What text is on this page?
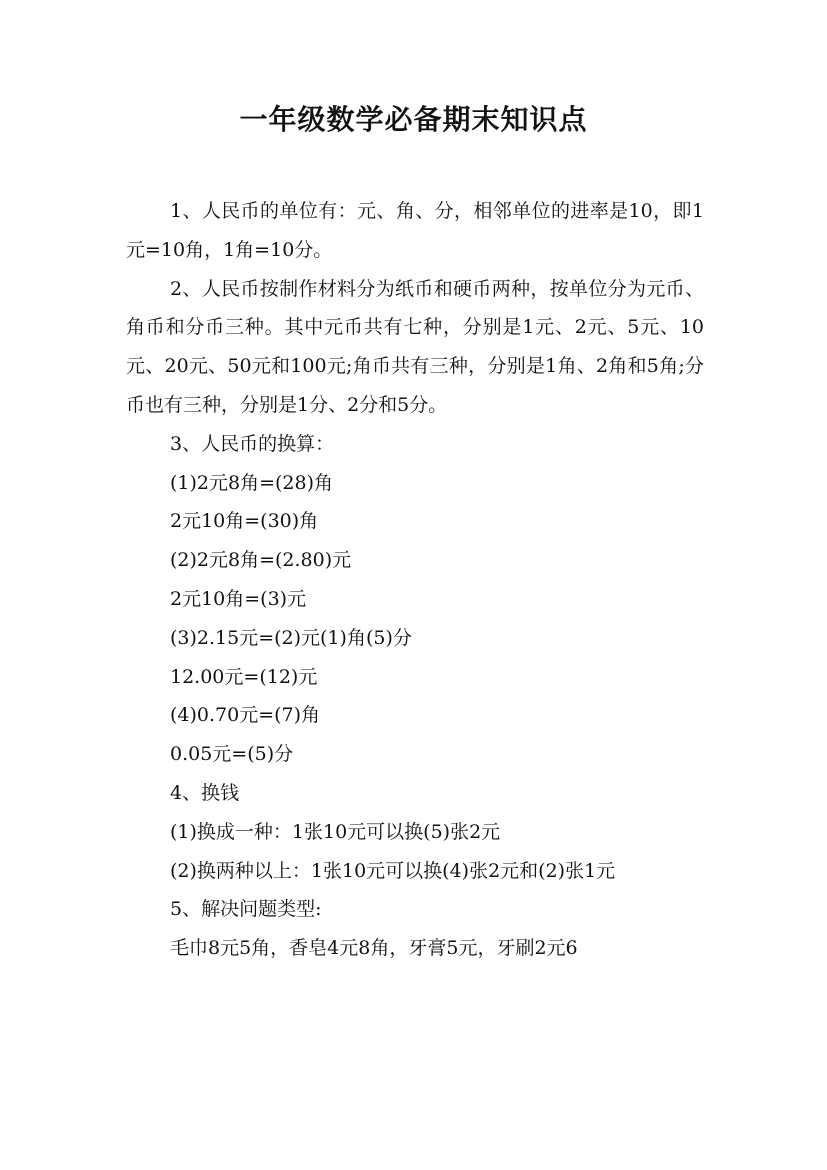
一年级数学必备期末知识点

1、人民币的单位有：元、角、分，相邻单位的进率是10，即1元=10角，1角=10分。

2、人民币按制作材料分为纸币和硬币两种，按单位分为元币、角币和分币三种。其中元币共有七种，分别是1元、2元、5元、10元、20元、50元和100元;角币共有三种，分别是1角、2角和5角;分币也有三种，分别是1分、2分和5分。

3、人民币的换算：

(1)2元8角=(28)角

2元10角=(30)角

(2)2元8角=(2.80)元

2元10角=(3)元

(3)2.15元=(2)元(1)角(5)分

12.00元=(12)元

(4)0.70元=(7)角

0.05元=(5)分

4、换钱

(1)换成一种：1张10元可以换(5)张2元

(2)换两种以上：1张10元可以换(4)张2元和(2)张1元

5、解决问题类型:

毛巾8元5角，香皂4元8角，牙膏5元，牙刷2元6
